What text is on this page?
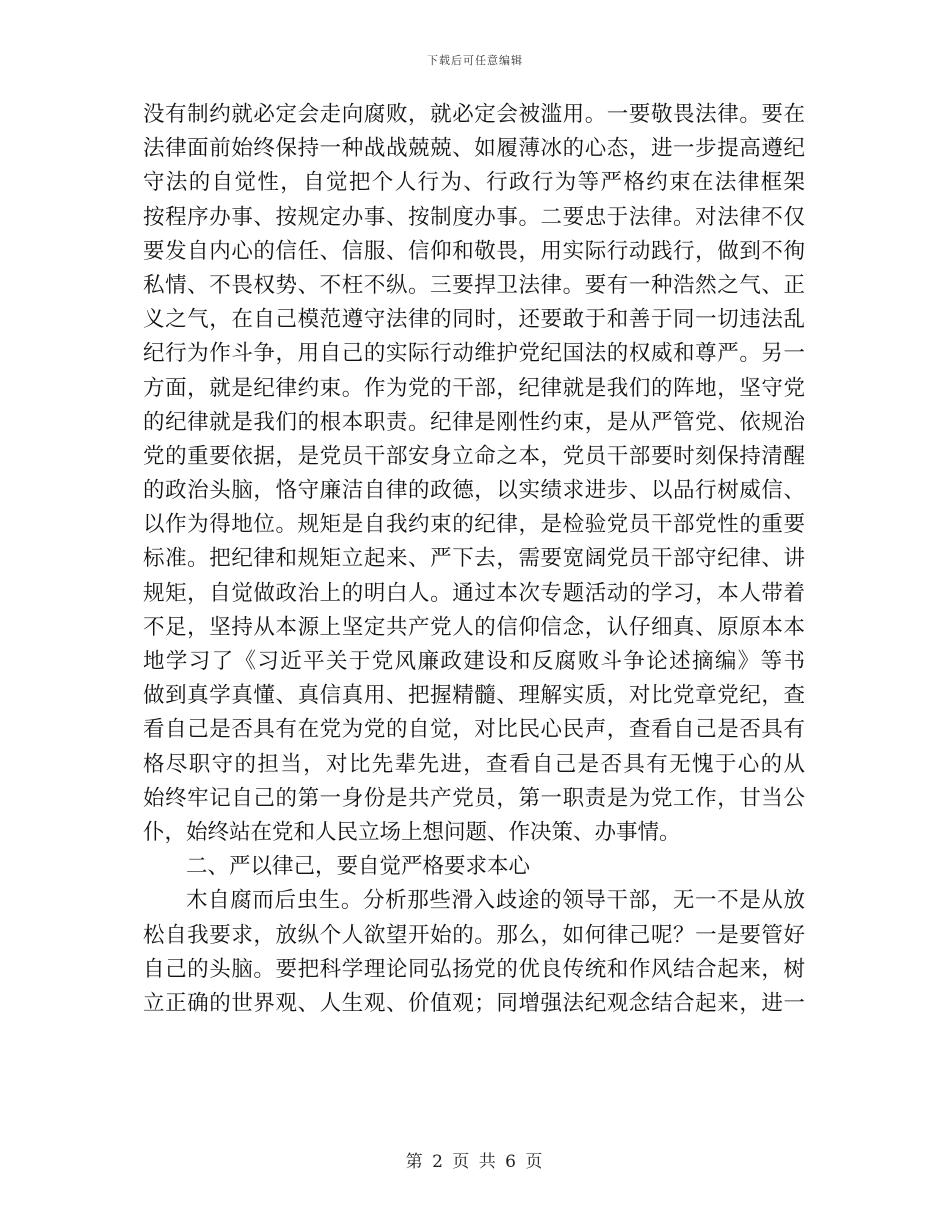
下载后可任意编辑
没有制约就必定会走向腐败，就必定会被滥用。一要敬畏法律。要在
法律面前始终保持一种战战兢兢、如履薄冰的心态，进一步提高遵纪
守法的自觉性，自觉把个人行为、行政行为等严格约束在法律框架
按程序办事、按规定办事、按制度办事。二要忠于法律。对法律不仅
要发自内心的信任、信服、信仰和敬畏，用实际行动践行，做到不徇
私情、不畏权势、不枉不纵。三要捍卫法律。要有一种浩然之气、正
义之气，在自己模范遵守法律的同时，还要敢于和善于同一切违法乱
纪行为作斗争，用自己的实际行动维护党纪国法的权威和尊严。另一
方面，就是纪律约束。作为党的干部，纪律就是我们的阵地，坚守党
的纪律就是我们的根本职责。纪律是刚性约束，是从严管党、依规治
党的重要依据，是党员干部安身立命之本，党员干部要时刻保持清醒
的政治头脑，恪守廉洁自律的政德，以实绩求进步、以品行树威信、
以作为得地位。规矩是自我约束的纪律，是检验党员干部党性的重要
标准。把纪律和规矩立起来、严下去，需要宽阔党员干部守纪律、讲
规矩，自觉做政治上的明白人。通过本次专题活动的学习，本人带着
不足，坚持从本源上坚定共产党人的信仰信念，认仔细真、原原本本
地学习了《习近平关于党风廉政建设和反腐败斗争论述摘编》等书
做到真学真懂、真信真用、把握精髓、理解实质，对比党章党纪，查
看自己是否具有在党为党的自觉，对比民心民声，查看自己是否具有
格尽职守的担当，对比先辈先进，查看自己是否具有无愧于心的从
始终牢记自己的第一身份是共产党员，第一职责是为党工作，甘当公
仆，始终站在党和人民立场上想问题、作决策、办事情。
二、严以律己，要自觉严格要求本心
木自腐而后虫生。分析那些滑入歧途的领导干部，无一不是从放
松自我要求，放纵个人欲望开始的。那么，如何律己呢？一是要管好
自己的头脑。要把科学理论同弘扬党的优良传统和作风结合起来，树
立正确的世界观、人生观、价值观；同增强法纪观念结合起来，进一
第 2 页 共 6 页
